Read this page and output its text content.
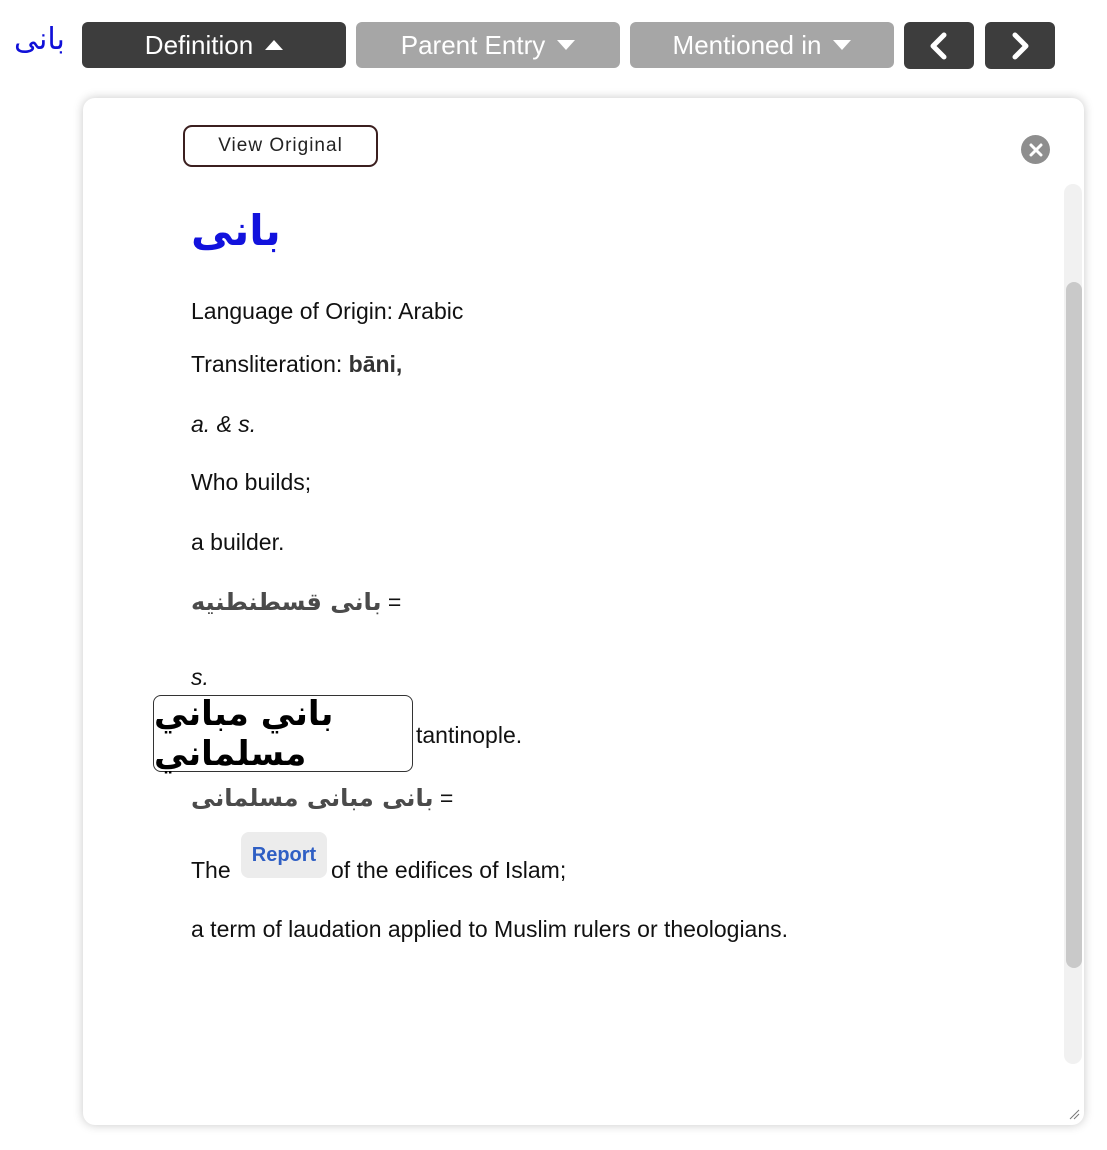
بانی	Definition	Parent Entry	Mentioned in
View Original
بانی
Language of Origin: Arabic
Transliteration: bāni,
a. & s.
Who builds;
a builder.
بانی قسطنطنیه =
s.
tantinople.
بانی مبانی مسلمانی =
The	of the edifices of Islam;
a term of laudation applied to Muslim rulers or theologians.
باني مباني مسلماني
Report
